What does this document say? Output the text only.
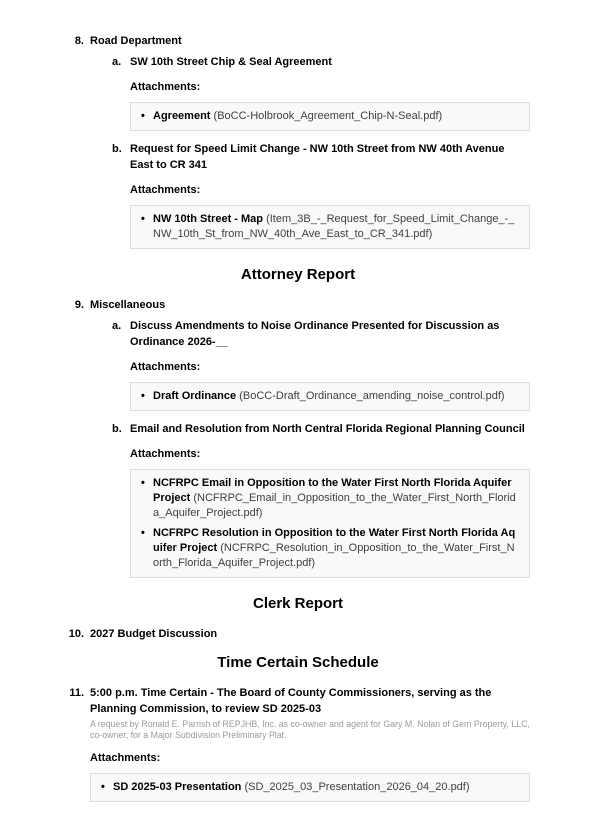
8. Road Department
a. SW 10th Street Chip & Seal Agreement
Attachments:
• Agreement (BoCC-Holbrook_Agreement_Chip-N-Seal.pdf)
b. Request for Speed Limit Change - NW 10th Street from NW 40th Avenue East to CR 341
Attachments:
• NW 10th Street - Map (Item_3B_-_Request_for_Speed_Limit_Change_-_NW_10th_St_from_NW_40th_Ave_East_to_CR_341.pdf)
Attorney Report
9. Miscellaneous
a. Discuss Amendments to Noise Ordinance Presented for Discussion as Ordinance 2026-__
Attachments:
• Draft Ordinance (BoCC-Draft_Ordinance_amending_noise_control.pdf)
b. Email and Resolution from North Central Florida Regional Planning Council
Attachments:
• NCFRPC Email in Opposition to the Water First North Florida Aquifer Project (NCFRPC_Email_in_Opposition_to_the_Water_First_North_Florida_Aquifer_Project.pdf)
• NCFRPC Resolution in Opposition to the Water First North Florida Aquifer Project (NCFRPC_Resolution_in_Opposition_to_the_Water_First_North_Florida_Aquifer_Project.pdf)
Clerk Report
10. 2027 Budget Discussion
Time Certain Schedule
11. 5:00 p.m. Time Certain - The Board of County Commissioners, serving as the Planning Commission, to review SD 2025-03
A request by Ronald E. Parrish of REPJHB, Inc. as co-owner and agent for Gary M. Nolan of Gem Property, LLC, co-owner, for a Major Subdivision Preliminary Plat.
Attachments:
• SD 2025-03 Presentation (SD_2025_03_Presentation_2026_04_20.pdf)
